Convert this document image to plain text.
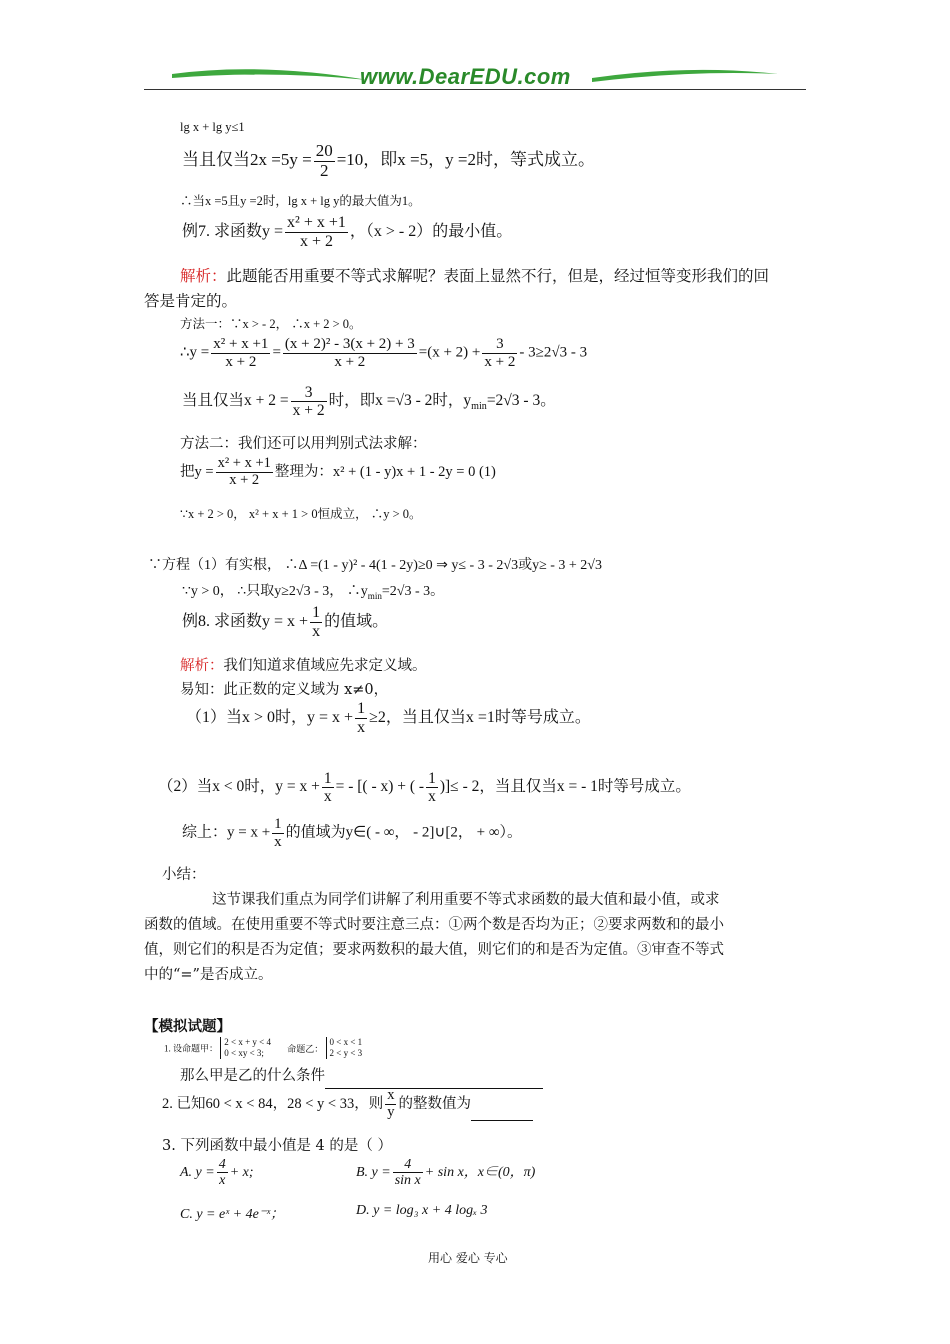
www.DearEDU.com
lg x + lg y≤1
当且仅当$2x =5y = \frac{20}{2} =10$，即x =5，y =2时，等式成立。
∴当x =5且y =2时，lg x + lg y的最大值为1。
例7. 求函数$y = \frac{\text{x² + x +1}}{x + 2}$ ，（x > - 2）的最小值。
解析：此题能否用重要不等式求解呢？表面上显然不行，但是，经过恒等变形我们的回
答是肯定的。
方法一：∵x > - 2， ∴x + 2 > 0。
∴y = $\frac{\text{x² + x +1}}{x + 2} = \frac{\text{(x + 2)² - 3(x + 2) + 3}}{x + 2} =(x + 2) + \frac{3}{x + 2} - 3\ge 2√3 - 3$
当且仅当$x + 2 = \frac{3}{x + 2}$ 时，即x =√3 - 2时，$y_{min}=2√3 - 3$。
方法二：我们还可以用判别式法求解：
把$y = \frac{\text{x² + x +1}}{x + 2}$ 整理为：x² + (1 - y)x + 1 - 2y = 0 (1)
∵x + 2 > 0， x² + x + 1 > 0恒成立， ∴y > 0。
∵方程（1）有实根， ∴Δ =(1 - y)² - 4(1 - 2y)≥0 ⇒ y≤ - 3 - 2√3或y≥ - 3 + 2√3
∵y > 0， ∴只取y≥2√3 - 3， $\therefore y_{min}=2√3 - 3$。
例8. 求函数$y = x + \frac{1}{x}$ 的值域。
解析：我们知道求值域应先求定义域。
易知：此正数的定义域为 x≠0，
（1）当x > 0时，$y = x + \frac{1}{x} \ge 2$，当且仅当x =1时等号成立。
（2）当x < 0时，$y = x + \frac{1}{x}$ = - [( - x) + ( - $\frac{1}{x}$ )]≤ - 2，当且仅当x = - 1时等号成立。
综上：$y = x + \frac{1}{x}$ 的值域为y∈( - ∞， - 2]∪[2， + ∞）。
小结：
这节课我们重点为同学们讲解了利用重要不等式求函数的最大值和最小值，或求
函数的值域。在使用重要不等式时要注意三点：①两个数是否均为正；②要求两数和的最小
值，则它们的积是否为定值；要求两数积的最大值，则它们的和是否为定值。③审查不等式
中的“=”是否成立。
【模拟试题】
1. 设命题甲：
2 < x + y < 4
0 < xy < 3;	命题乙：
0 < x < 1
2 < y < 3
那么甲是乙的什么条件
2. 已知60 < x < 84，28 < y < 33，则 $\frac{x}{y}$ 的整数值为
3. 下列函数中最小值是 4 的是（ ）
A. $y = \frac{4}{x} + x$;	B. $y = \frac{4}{\text{sin x}} + \sin x$，x∈(0，π)
C. y = eˣ + 4e⁻ˣ；	D. y = log₃ x + 4 logₓ 3
用心 爱心 专心
